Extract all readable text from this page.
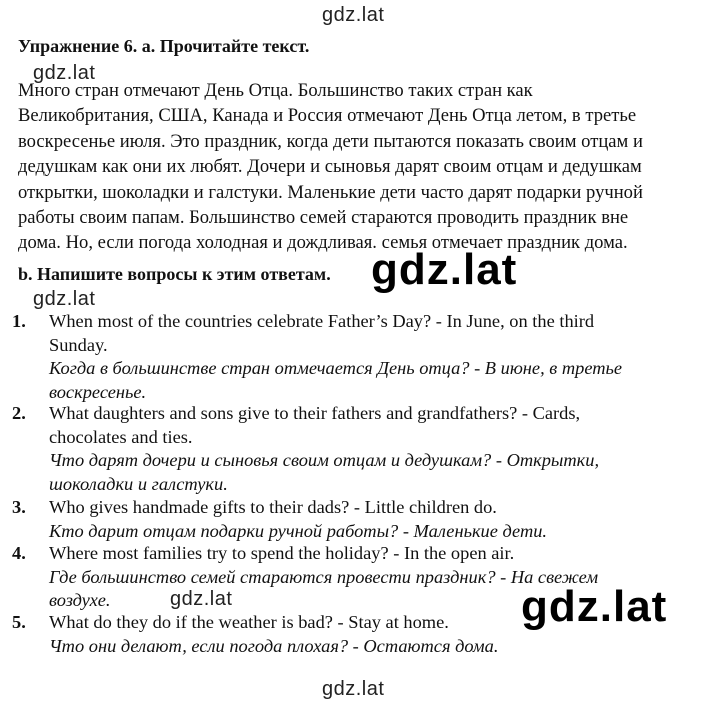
gdz.lat
gdz.lat
gdz.lat
gdz.lat
gdz.lat	gdz.lat
gdz.lat
Упражнение 6. a. Прочитайте текст.
Много стран отмечают День Отца. Большинство таких стран как
Великобритания, США, Канада и Россия отмечают День Отца летом, в третье
воскресенье июля. Это праздник, когда дети пытаются показать своим отцам и
дедушкам как они их любят. Дочери и сыновья дарят своим отцам и дедушкам
открытки, шоколадки и галстуки. Маленькие дети часто дарят подарки ручной
работы своим папам. Большинство семей стараются проводить праздник вне
дома. Но, если погода холодная и дождливая. семья отмечает праздник дома.
b. Напишите вопросы к этим ответам.
1. When most of the countries celebrate Father’s Day? - In June, on the third
Sunday.
Когда в большинстве стран отмечается День отца? - В июне, в третье
воскресенье.
2. What daughters and sons give to their fathers and grandfathers? - Cards,
chocolates and ties.
Что дарят дочери и сыновья своим отцам и дедушкам? - Открытки,
шоколадки и галстуки.
3. Who gives handmade gifts to their dads? - Little children do.
Кто дарит отцам подарки ручной работы? - Маленькие дети.
4. Where most families try to spend the holiday? - In the open air.
Где большинство семей стараются провести праздник? - На свежем
воздухе.
5. What do they do if the weather is bad? - Stay at home.
Что они делают, если погода плохая? - Остаются дома.
